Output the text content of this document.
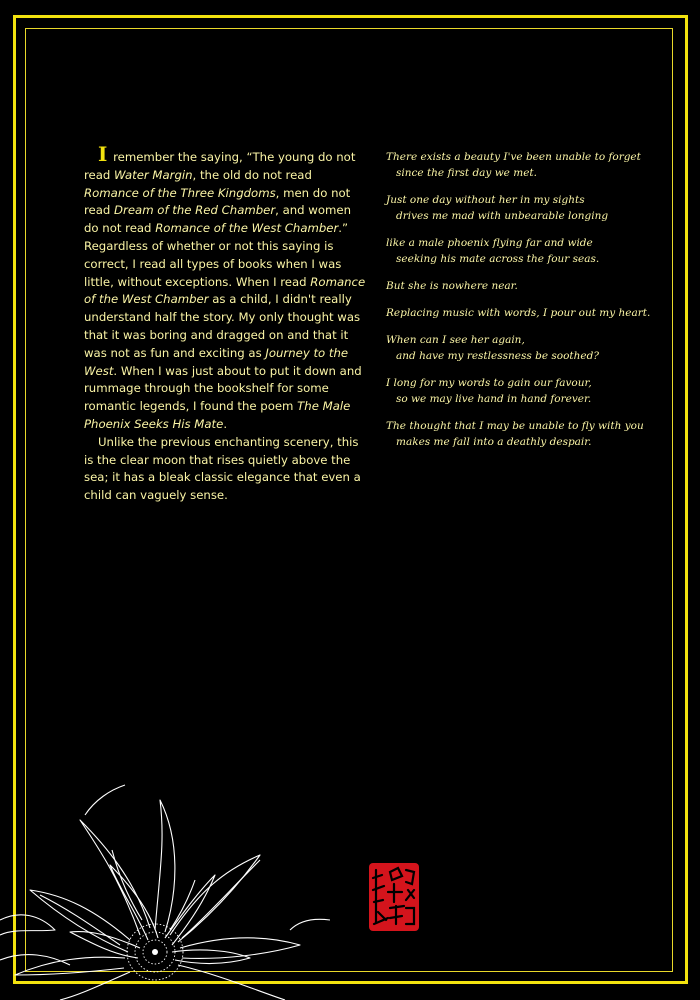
I remember the saying, “The young do not read Water Margin, the old do not read Romance of the Three Kingdoms, men do not read Dream of the Red Chamber, and women do not read Romance of the West Chamber.” Regardless of whether or not this saying is correct, I read all types of books when I was little, without exceptions. When I read Romance of the West Chamber as a child, I didn't really understand half the story. My only thought was that it was boring and dragged on and that it was not as fun and exciting as Journey to the West. When I was just about to put it down and rummage through the bookshelf for some romantic legends, I found the poem The Male Phoenix Seeks His Mate.

Unlike the previous enchanting scenery, this is the clear moon that rises quietly above the sea; it has a bleak classic elegance that even a child can vaguely sense.

There exists a beauty I've been unable to forget
since the first day we met.
Just one day without her in my sights
drives me mad with unbearable longing
like a male phoenix flying far and wide
seeking his mate across the four seas.
But she is nowhere near.
Replacing music with words, I pour out my heart.
When can I see her again,
and have my restlessness be soothed?
I long for my words to gain our favour,
so we may live hand in hand forever.
The thought that I may be unable to fly with you
makes me fall into a deathly despair.
